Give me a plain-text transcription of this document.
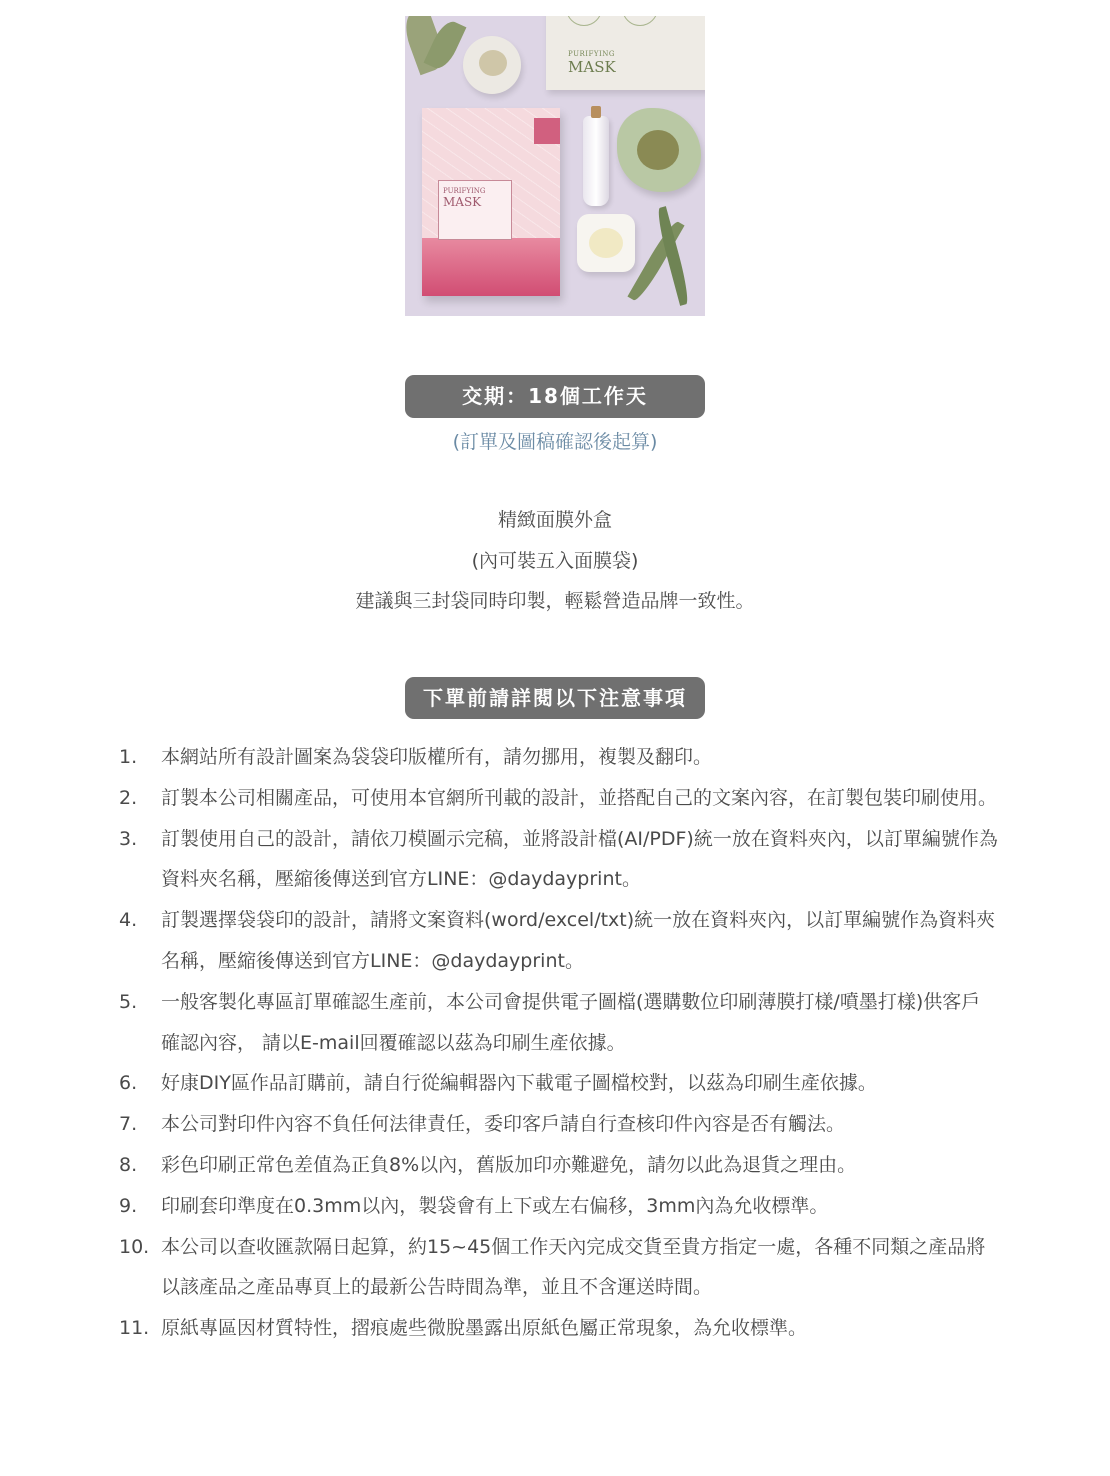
PURIFYING
MASK
PURIFYING
MASK
交期：18個工作天
(訂單及圖稿確認後起算)
精緻面膜外盒
(內可裝五入面膜袋)
建議與三封袋同時印製，輕鬆營造品牌一致性。
下單前請詳閱以下注意事項
1.	本網站所有設計圖案為袋袋印版權所有，請勿挪用，複製及翻印。
2.	訂製本公司相關產品，可使用本官網所刊載的設計，並搭配自己的文案內容，在訂製包裝印刷使用。
3.	訂製使用自己的設計，請依刀模圖示完稿，並將設計檔(AI/PDF)統一放在資料夾內，以訂單編號作為資料夾名稱，壓縮後傳送到官方LINE：@daydayprint。
4.	訂製選擇袋袋印的設計，請將文案資料(word/excel/txt)統一放在資料夾內，以訂單編號作為資料夾名稱，壓縮後傳送到官方LINE：@daydayprint。
5.	一般客製化專區訂單確認生產前，本公司會提供電子圖檔(選購數位印刷薄膜打樣/噴墨打樣)供客戶確認內容， 請以E-mail回覆確認以茲為印刷生產依據。
6.	好康DIY區作品訂購前，請自行從編輯器內下載電子圖檔校對，以茲為印刷生產依據。
7.	本公司對印件內容不負任何法律責任，委印客戶請自行查核印件內容是否有觸法。
8.	彩色印刷正常色差值為正負8%以內，舊版加印亦難避免，請勿以此為退貨之理由。
9.	印刷套印準度在0.3mm以內，製袋會有上下或左右偏移，3mm內為允收標準。
10. 本公司以查收匯款隔日起算，約15~45個工作天內完成交貨至貴方指定一處，各種不同類之產品將以該產品之產品專頁上的最新公告時間為準，並且不含運送時間。
11. 原紙專區因材質特性，摺痕處些微脫墨露出原紙色屬正常現象，為允收標準。
